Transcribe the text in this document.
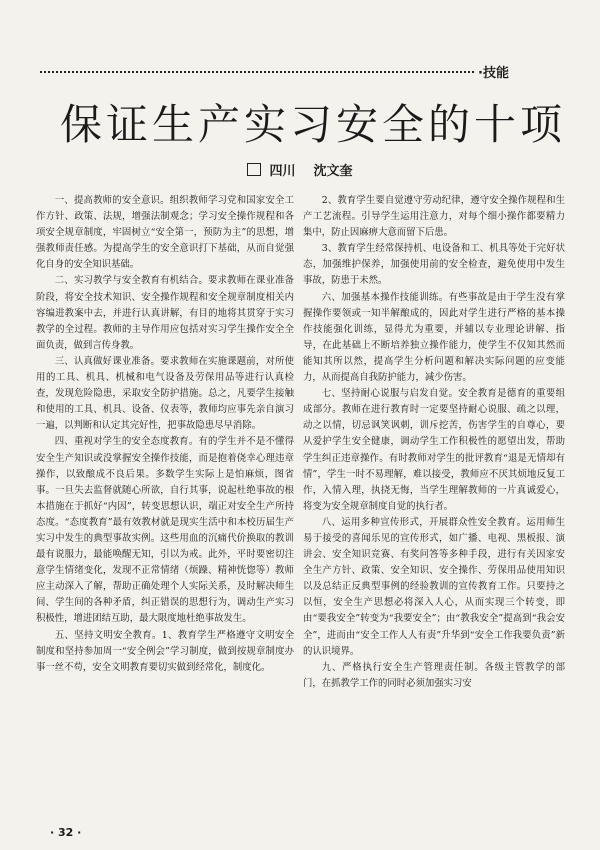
·技能
保证生产实习安全的十项
四川 沈文奎

一、提高教师的安全意识。组织教师学习党和国家安全工作方针、政策、法规，增强法制观念；学习安全操作规程和各项安全规章制度，牢固树立“安全第一，预防为主”的思想，增强教师责任感。为提高学生的安全意识打下基础，从而自觉强化自身的安全知识基础。

二、实习教学与安全教育有机结合。要求教师在课业准备阶段，将安全技术知识、安全操作规程和安全规章制度相关内容编进教案中去，并进行认真讲解，有目的地将其贯穿于实习教学的全过程。教师的主导作用应包括对实习学生操作安全全面负责，做到言传身教。

三、认真做好课业准备。要求教师在实施课题前，对所使用的工具、机具、机械和电气设备及劳保用品等进行认真检查，发现危险隐患，采取安全防护措施。总之，凡要学生接触和使用的工具、机具、设备、仪表等，教师均应事先亲自演习一遍，以判断和认定其完好性，把事故隐患尽早消除。

四、重视对学生的安全态度教育。有的学生并不是不懂得安全生产知识或没掌握安全操作技能，而是抱着侥幸心理违章操作，以致酿成不良后果。多数学生实际上是怕麻烦，图省事。一旦失去监督就随心所欲，自行其事，说起杜绝事故的根本措施在于抓好“内因”，转变思想认识，端正对安全生产所持态度。“态度教育”最有效教材就是现实生活中和本校历届生产实习中发生的典型事故实例。这些用血的沉痛代价换取的教训最有说服力，最能唤醒无知，引以为戒。此外，平时要密切注意学生情绪变化，发现不正常情绪（烦躁、精神恍惚等）教师应主动深入了解，帮助正确处理个人实际关系，及时解决师生间、学生间的各种矛盾，纠正错误的思想行为，调动生产实习积极性，增进团结互助，最大限度地杜绝事故发生。

五、坚持文明安全教育。1、教育学生严格遵守文明安全制度和坚持参加周一“安全例会”学习制度，做到按规章制度办事一丝不苟，安全文明教育要切实做到经常化，制度化。

2、教育学生要自觉遵守劳动纪律，遵守安全操作规程和生产工艺流程。引导学生运用注意力，对每个细小操作都要精力集中，防止因麻痹大意而留下后患。

3、教育学生经常保持机、电设备和工、机具等处于完好状态，加强维护保养，加强使用前的安全检查，避免使用中发生事故，防患于未然。

六、加强基本操作技能训练。有些事故是由于学生没有掌握操作要领或一知半解酿成的，因此对学生进行严格的基本操作技能强化训练，显得尤为重要，并辅以专业理论讲解、指导，在此基础上不断培养独立操作能力，使学生不仅知其然而能知其所以然，提高学生分析问题和解决实际问题的应变能力，从而提高自我防护能力，减少伤害。

七、坚持耐心说服与启发自觉。安全教育是德育的重要组成部分。教师在进行教育时一定要坚持耐心说服、疏之以理，动之以情，切忌讽笑讽刺，训斥挖苦，伤害学生的自尊心，要从爱护学生安全健康，调动学生工作积极性的愿望出发，帮助学生纠正违章操作。有时教师对学生的批评教育“退是无情却有情”，学生一时不易理解，难以接受，教师应不厌其烦地反复工作，入情入理，执挠无悔，当学生理解教师的一片真诚爱心，将变为安全规章制度自觉的执行者。

八、运用多种宣传形式，开展群众性安全教育。运用师生易于接受的喜闻乐见的宣传形式，如广播、电视、黑板报、演讲会、安全知识竞赛、有奖问答等多种手段，进行有关因家安全生产方针、政策、安全知识、安全操作、劳保用品使用知识以及总结正反典型事例的经验教训的宣传教育工作。只要持之以恒，安全生产思想必将深入人心，从而实现三个转变，即由“要我安全”转变为“我要安全”；由“教我安全”提高到“我会安全”，进而由“安全工作人人有责”升华到“安全工作我要负责”新的认识境界。

九、严格执行安全生产管理责任制。各级主管教学的部门，在抓教学工作的同时必须加强实习安

· 32 ·
